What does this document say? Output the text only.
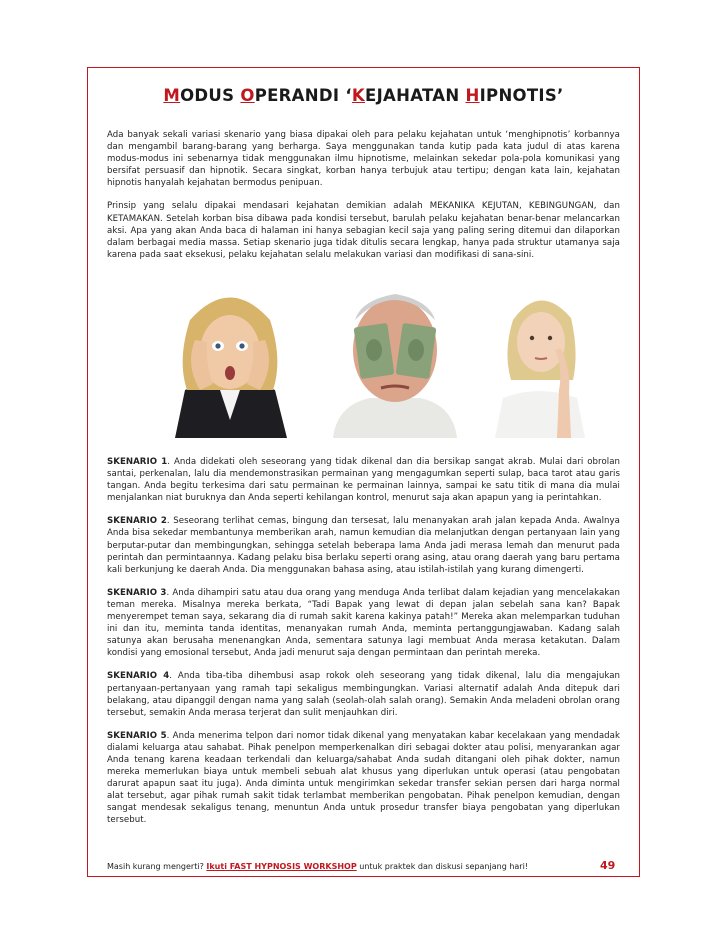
MODUS OPERANDI ‘KEJAHATAN HIPNOTIS’

Ada banyak sekali variasi skenario yang biasa dipakai oleh para pelaku kejahatan untuk ‘menghipnotis’ korbannya dan mengambil barang-barang yang berharga. Saya menggunakan tanda kutip pada kata judul di atas karena modus-modus ini sebenarnya tidak menggunakan ilmu hipnotisme, melainkan sekedar pola-pola komunikasi yang bersifat persuasif dan hipnotik. Secara singkat, korban hanya terbujuk atau tertipu; dengan kata lain, kejahatan hipnotis hanyalah kejahatan bermodus penipuan.

Prinsip yang selalu dipakai mendasari kejahatan demikian adalah MEKANIKA KEJUTAN, KEBINGUNGAN, dan KETAMAKAN. Setelah korban bisa dibawa pada kondisi tersebut, barulah pelaku kejahatan benar-benar melancarkan aksi. Apa yang akan Anda baca di halaman ini hanya sebagian kecil saja yang paling sering ditemui dan dilaporkan dalam berbagai media massa. Setiap skenario juga tidak ditulis secara lengkap, hanya pada struktur utamanya saja karena pada saat eksekusi, pelaku kejahatan selalu melakukan variasi dan modifikasi di sana-sini.

SKENARIO 1. Anda didekati oleh seseorang yang tidak dikenal dan dia bersikap sangat akrab. Mulai dari obrolan santai, perkenalan, lalu dia mendemonstrasikan permainan yang mengagumkan seperti sulap, baca tarot atau garis tangan. Anda begitu terkesima dari satu permainan ke permainan lainnya, sampai ke satu titik di mana dia mulai menjalankan niat buruknya dan Anda seperti kehilangan kontrol, menurut saja akan apapun yang ia perintahkan.

SKENARIO 2. Seseorang terlihat cemas, bingung dan tersesat, lalu menanyakan arah jalan kepada Anda. Awalnya Anda bisa sekedar membantunya memberikan arah, namun kemudian dia melanjutkan dengan pertanyaan lain yang berputar-putar dan membingungkan, sehingga setelah beberapa lama Anda jadi merasa lemah dan menurut pada perintah dan permintaannya. Kadang pelaku bisa berlaku seperti orang asing, atau orang daerah yang baru pertama kali berkunjung ke daerah Anda. Dia menggunakan bahasa asing, atau istilah-istilah yang kurang dimengerti.

SKENARIO 3. Anda dihampiri satu atau dua orang yang menduga Anda terlibat dalam kejadian yang mencelakakan teman mereka. Misalnya mereka berkata, “Tadi Bapak yang lewat di depan jalan sebelah sana kan? Bapak menyerempet teman saya, sekarang dia di rumah sakit karena kakinya patah!” Mereka akan melemparkan tuduhan ini dan itu, meminta tanda identitas, menanyakan rumah Anda, meminta pertanggungjawaban. Kadang salah satunya akan berusaha menenangkan Anda, sementara satunya lagi membuat Anda merasa ketakutan. Dalam kondisi yang emosional tersebut, Anda jadi menurut saja dengan permintaan dan perintah mereka.

SKENARIO 4. Anda tiba-tiba dihembusi asap rokok oleh seseorang yang tidak dikenal, lalu dia mengajukan pertanyaan-pertanyaan yang ramah tapi sekaligus membingungkan. Variasi alternatif adalah Anda ditepuk dari belakang, atau dipanggil dengan nama yang salah (seolah-olah salah orang). Semakin Anda meladeni obrolan orang tersebut, semakin Anda merasa terjerat dan sulit menjauhkan diri.

SKENARIO 5. Anda menerima telpon dari nomor tidak dikenal yang menyatakan kabar kecelakaan yang mendadak dialami keluarga atau sahabat. Pihak penelpon memperkenalkan diri sebagai dokter atau polisi, menyarankan agar Anda tenang karena keadaan terkendali dan keluarga/sahabat Anda sudah ditangani oleh pihak dokter, namun mereka memerlukan biaya untuk membeli sebuah alat khusus yang diperlukan untuk operasi (atau pengobatan darurat apapun saat itu juga). Anda diminta untuk mengirimkan sekedar transfer sekian persen dari harga normal alat tersebut, agar pihak rumah sakit tidak terlambat memberikan pengobatan. Pihak penelpon kemudian, dengan sangat mendesak sekaligus tenang, menuntun Anda untuk prosedur transfer biaya pengobatan yang diperlukan tersebut.

Masih kurang mengerti? Ikuti FAST HYPNOSIS WORKSHOP untuk praktek dan diskusi sepanjang hari!	49
